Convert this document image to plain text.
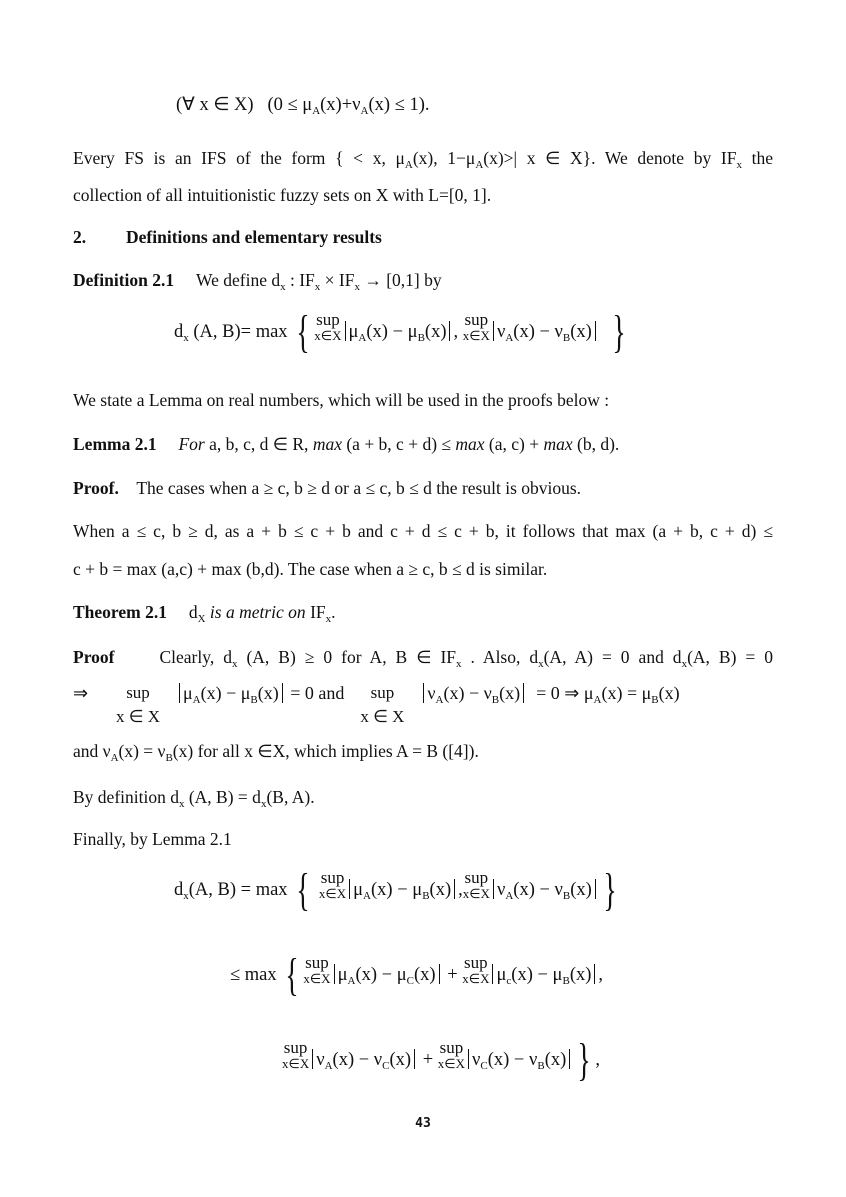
(∀ x ∈ X) $(0 \le \mu_A(x)+\nu_A(x) \le 1)$.
Every FS is an IFS of the form { < x, $\mu_A(x)$, $1-\mu_A(x)>|$ x ∈ X}. We denote by $IF_x$ the
collection of all intuitionistic fuzzy sets on X with L=[0, 1].
2. Definitions and elementary results
Definition 2.1 We define $d_x$ : $IF_x \times IF_x \to [0,1]$ by
$d_x$ (A, B)= max { sup
x∈X $\mu_A(x) - \mu_B(x)$ ,
sup
x∈X $\nu_A(x) - \nu_B(x)$ }
We state a Lemma on real numbers, which will be used in the proofs below :
Lemma 2.1 For a, b, c, d ∈ R, max (a + b, c + d) ≤ max (a, c) + max (b, d).
Proof. The cases when a ≥ c, b ≥ d or a ≤ c, b ≤ d the result is obvious.
When a ≤ c, b ≥ d, as a + b ≤ c + b and c + d ≤ c + b, it follows that max (a + b, c + d) ≤
c + b = max (a,c) + max (b,d). The case when a ≥ c, b ≤ d is similar.
Theorem 2.1 $d_X$ is a metric on $IF_x$.
Proof	Clearly, $d_x$ (A, B) ≥ 0 for A, B ∈ $IF_x$ . Also, $d_x(A$, A) = 0 and $d_x(A$, B) = 0
⇒	sup
x ∈ X
$\mu_A(x) - \mu_B(x) = 0$ and	sup
x ∈ X
$\nu_A(x) - \nu_B(x) = 0$ ⇒ $\mu_A(x) = \mu_B(x)$
and $\nu_A(x) = \nu_B(x)$ for all x ∈X, which implies A = B ([4]).
By definition $d_x$ (A, $B) = d_x(B$, A).
Finally, by Lemma 2.1
$d_x(A$, B) = max { sup
x∈X $\mu_A(x) - \mu_B(x)$ ,
sup
x∈X $\nu_A(x) - \nu_B(x)$ }
≤ max { sup
x∈X $\mu_A(x) - \mu_C(x)$ +
sup
x∈X $\mu_c(x) - \mu_B(x)$ ,
sup
x∈X $\nu_A(x) - \nu_C(x)$ +
sup
x∈X $\nu_C(x) - \nu_B(x)$ } ,
43
